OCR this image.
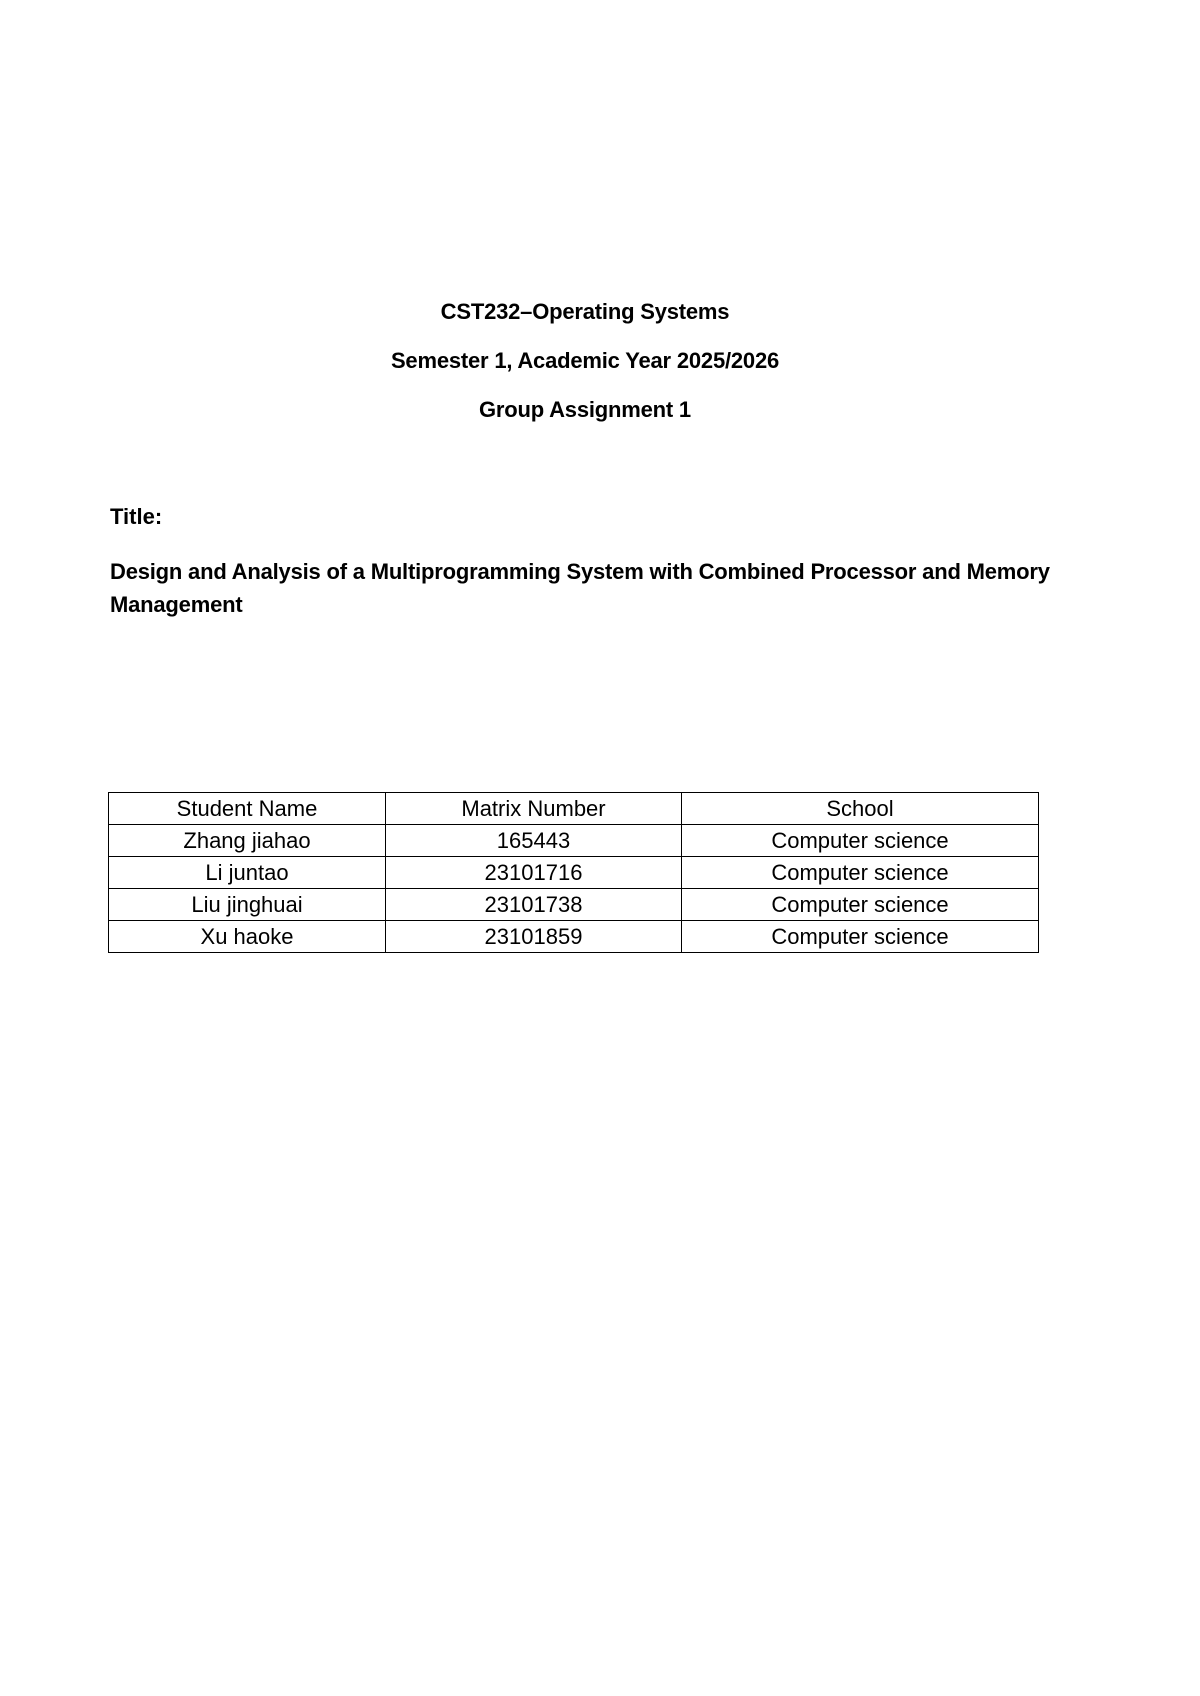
CST232–Operating Systems
Semester 1, Academic Year 2025/2026
Group Assignment 1
Title:
Design and Analysis of a Multiprogramming System with Combined Processor and Memory Management
Student Name	Matrix Number	School
Zhang jiahao	165443	Computer science
Li juntao	23101716	Computer science
Liu jinghuai	23101738	Computer science
Xu haoke	23101859	Computer science
